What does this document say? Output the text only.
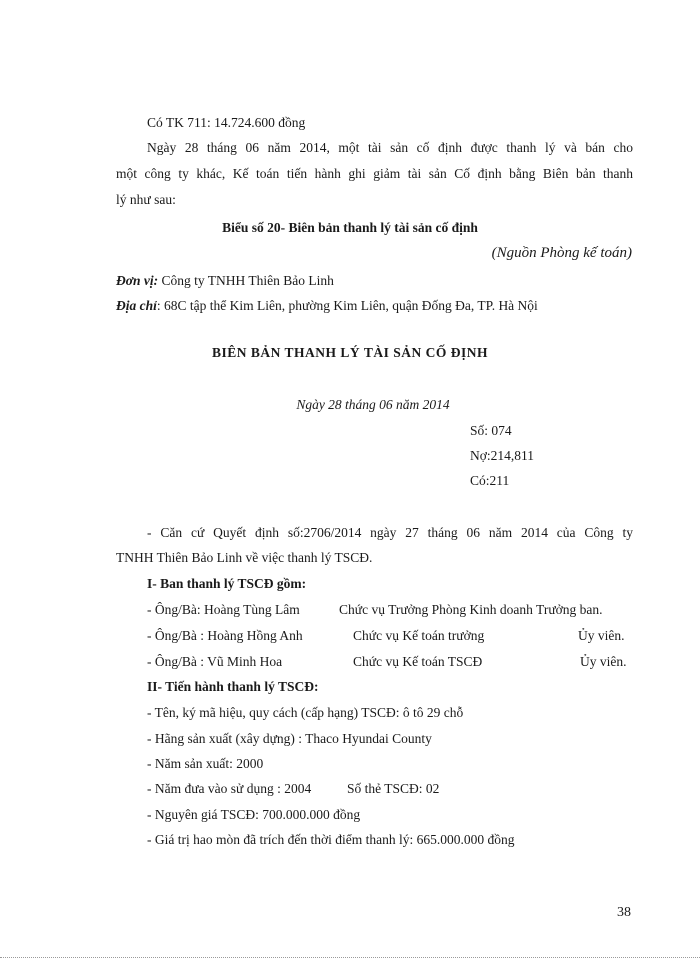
Có TK 711: 14.724.600 đồng
Ngày 28 tháng 06 năm 2014, một tài sản cố định được thanh lý và bán cho
một công ty khác, Kế toán tiến hành ghi giảm tài sản Cố định bằng Biên bản thanh
lý như sau:
Biểu số 20- Biên bản thanh lý tài sản cố định
(Nguồn Phòng kế toán)
Đơn vị: Công ty TNHH Thiên Bảo Linh
Địa chỉ: 68C tập thể Kim Liên, phường Kim Liên, quận Đống Đa, TP. Hà Nội
BIÊN BẢN THANH LÝ TÀI SẢN CỐ ĐỊNH
Ngày 28 tháng 06 năm 2014
Số: 074
Nợ:214,811
Có:211
- Căn cứ Quyết định số:2706/2014 ngày 27 tháng 06 năm 2014 của Công ty
TNHH Thiên Bảo Linh về việc thanh lý TSCĐ.
I- Ban thanh lý TSCĐ gồm:
- Ông/Bà: Hoàng Tùng Lâm	Chức vụ Trưởng Phòng Kinh doanh Trưởng ban.
- Ông/Bà : Hoàng Hồng Anh	Chức vụ Kế toán trưởng	Ủy viên.
- Ông/Bà : Vũ Minh Hoa	Chức vụ Kế toán TSCĐ	Ủy viên.
II- Tiến hành thanh lý TSCĐ:
- Tên, ký mã hiệu, quy cách (cấp hạng) TSCĐ: ô tô 29 chỗ
- Hãng sản xuất (xây dựng) : Thaco Hyundai County
- Năm sản xuất: 2000
- Năm đưa vào sử dụng : 2004	Số thẻ TSCĐ: 02
- Nguyên giá TSCĐ: 700.000.000 đồng
- Giá trị hao mòn đã trích đến thời điểm thanh lý: 665.000.000 đồng
38
